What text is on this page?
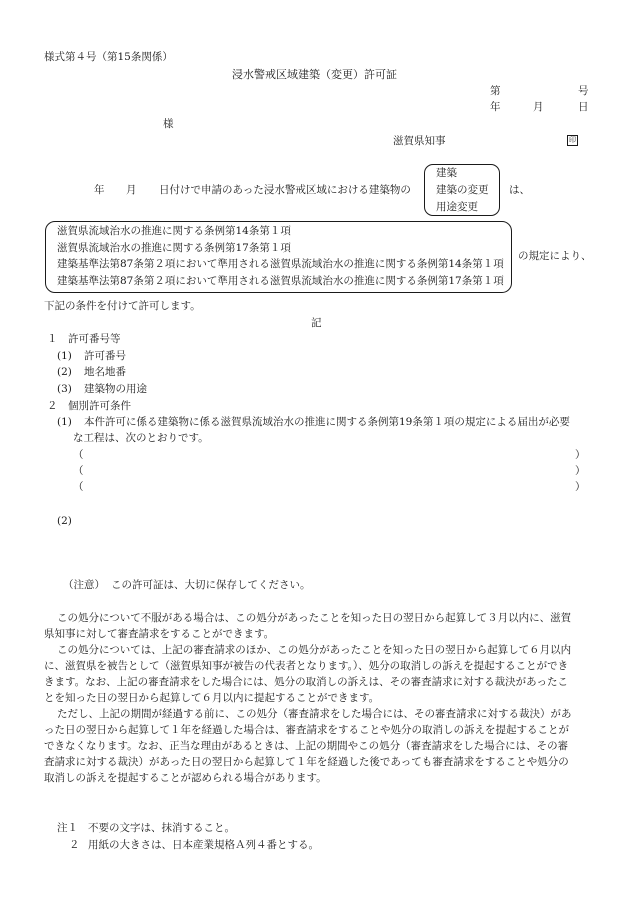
様式第４号（第15条関係）
浸水警戒区域建築（変更）許可証
第	号
年	月	日
様
滋賀県知事	印
年 月 日付けで申請のあった浸水警戒区域における建築物の
建築
建築の変更
用途変更
は、
滋賀県流域治水の推進に関する条例第14条第１項
滋賀県流域治水の推進に関する条例第17条第１項
建築基準法第87条第２項において準用される滋賀県流域治水の推進に関する条例第14条第１項
建築基準法第87条第２項において準用される滋賀県流域治水の推進に関する条例第17条第１項
の規定により、
下記の条件を付けて許可します。
記
１　許可番号等
(1) 許可番号
(2) 地名地番
(3) 建築物の用途
２　個別許可条件
(1) 本件許可に係る建築物に係る滋賀県流域治水の推進に関する条例第19条第１項の規定による届出が必要
な工程は、次のとおりです。
（	）
（	）
（	）
(2)
（注意） この許可証は、大切に保存してください。
この処分について不服がある場合は、この処分があったことを知った日の翌日から起算して３月以内に、滋賀
県知事に対して審査請求をすることができます。
この処分については、上記の審査請求のほか、この処分があったことを知った日の翌日から起算して６月以内
に、滋賀県を被告として（滋賀県知事が被告の代表者となります。）、処分の取消しの訴えを提起することができ
きます。なお、上記の審査請求をした場合には、処分の取消しの訴えは、その審査請求に対する裁決があったこ
とを知った日の翌日から起算して６月以内に提起することができます。
ただし、上記の期間が経過する前に、この処分（審査請求をした場合には、その審査請求に対する裁決）があ
った日の翌日から起算して１年を経過した場合は、審査請求をすることや処分の取消しの訴えを提起することが
できなくなります。なお、正当な理由があるときは、上記の期間やこの処分（審査請求をした場合には、その審
査請求に対する裁決）があった日の翌日から起算して１年を経過した後であっても審査請求をすることや処分の
取消しの訴えを提起することが認められる場合があります。
注１ 不要の文字は、抹消すること。
２ 用紙の大きさは、日本産業規格Ａ列４番とする。
